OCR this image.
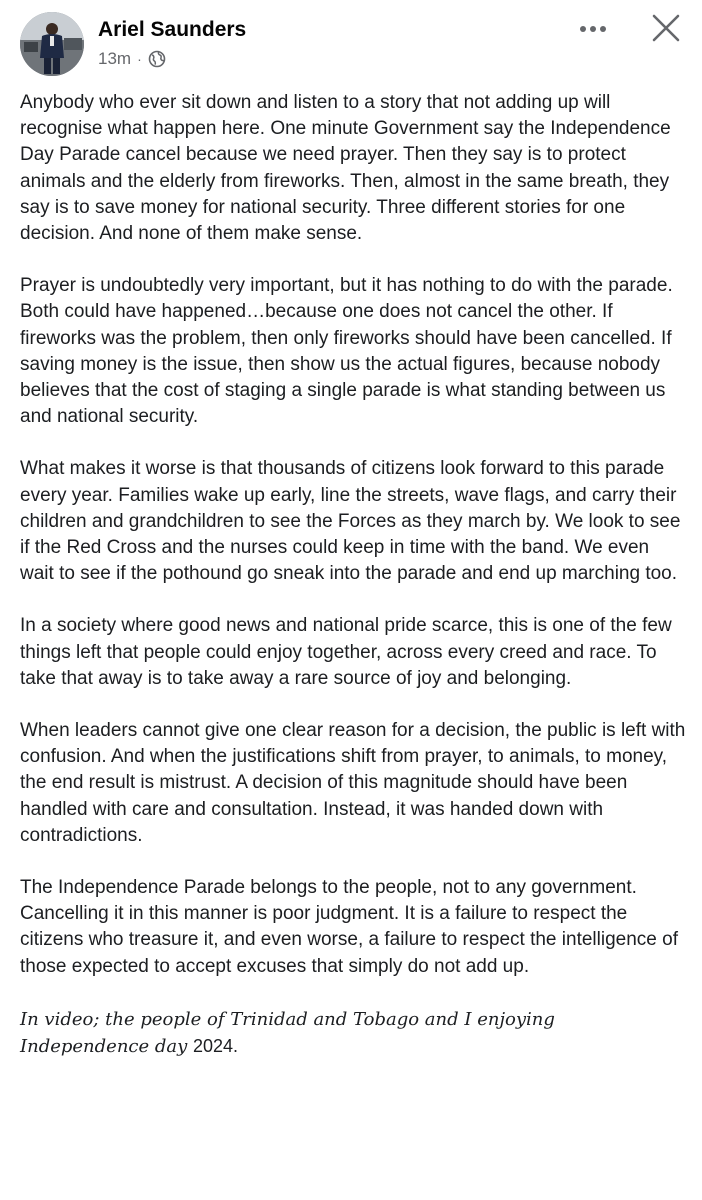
Ariel Saunders
13m ·

Anybody who ever sit down and listen to a story that not adding up will recognise what happen here. One minute Government say the Independence Day Parade cancel because we need prayer. Then they say is to protect animals and the elderly from fireworks. Then, almost in the same breath, they say is to save money for national security. Three different stories for one decision. And none of them make sense.

Prayer is undoubtedly very important, but it has nothing to do with the parade. Both could have happened…because one does not cancel the other. If fireworks was the problem, then only fireworks should have been cancelled. If saving money is the issue, then show us the actual figures, because nobody believes that the cost of staging a single parade is what standing between us and national security.

What makes it worse is that thousands of citizens look forward to this parade every year. Families wake up early, line the streets, wave flags, and carry their children and grandchildren to see the Forces as they march by. We look to see if the Red Cross and the nurses could keep in time with the band. We even wait to see if the pothound go sneak into the parade and end up marching too.

In a society where good news and national pride scarce, this is one of the few things left that people could enjoy together, across every creed and race. To take that away is to take away a rare source of joy and belonging.

When leaders cannot give one clear reason for a decision, the public is left with confusion. And when the justifications shift from prayer, to animals, to money, the end result is mistrust. A decision of this magnitude should have been handled with care and consultation. Instead, it was handed down with contradictions.

The Independence Parade belongs to the people, not to any government. Cancelling it in this manner is poor judgment. It is a failure to respect the citizens who treasure it, and even worse, a failure to respect the intelligence of those expected to accept excuses that simply do not add up.

In video; the people of Trinidad and Tobago and I enjoying Independence day 2024.
